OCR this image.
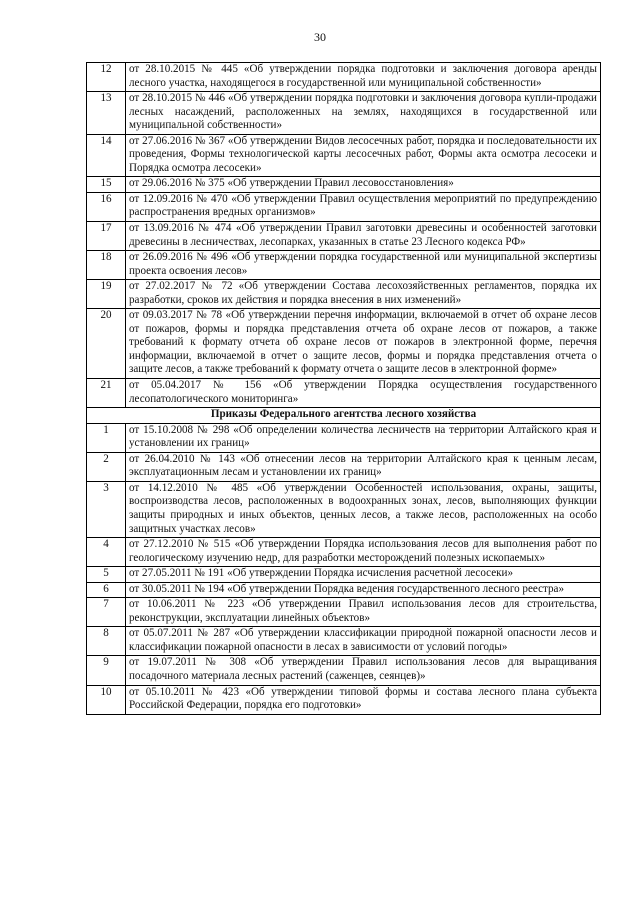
30
12	от 28.10.2015 № 445 «Об утверждении порядка подготовки и заключения договора аренды лесного участка, находящегося в государственной или муниципальной собственности»
13	от 28.10.2015 № 446 «Об утверждении порядка подготовки и заключения договора купли-продажи лесных насаждений, расположенных на землях, находящихся в государственной или муниципальной собственности»
14	от 27.06.2016 № 367 «Об утверждении Видов лесосечных работ, порядка и последовательности их проведения, Формы технологической карты лесосечных работ, Формы акта осмотра лесосеки и Порядка осмотра лесосеки»
15	от 29.06.2016 № 375 «Об утверждении Правил лесовосстановления»
16	от 12.09.2016 № 470 «Об утверждении Правил осуществления мероприятий по предупреждению распространения вредных организмов»
17	от 13.09.2016 № 474 «Об утверждении Правил заготовки древесины и особенностей заготовки древесины в лесничествах, лесопарках, указанных в статье 23 Лесного кодекса РФ»
18	от 26.09.2016 № 496 «Об утверждении порядка государственной или муниципальной экспертизы проекта освоения лесов»
19	от 27.02.2017 № 72 «Об утверждении Состава лесохозяйственных регламентов, порядка их разработки, сроков их действия и порядка внесения в них изменений»
20	от 09.03.2017 № 78 «Об утверждении перечня информации, включаемой в отчет об охране лесов от пожаров, формы и порядка представления отчета об охране лесов от пожаров, а также требований к формату отчета об охране лесов от пожаров в электронной форме, перечня информации, включаемой в отчет о защите лесов, формы и порядка представления отчета о защите лесов, а также требований к формату отчета о защите лесов в электронной форме»
21	от 05.04.2017 № 156 «Об утверждении Порядка осуществления государственного лесопатологического мониторинга»
Приказы Федерального агентства лесного хозяйства	
1	от 15.10.2008 № 298 «Об определении количества лесничеств на территории Алтайского края и установлении их границ»
2	от 26.04.2010 № 143 «Об отнесении лесов на территории Алтайского края к ценным лесам, эксплуатационным лесам и установлении их границ»
3	от 14.12.2010 № 485 «Об утверждении Особенностей использования, охраны, защиты, воспроизводства лесов, расположенных в водоохранных зонах, лесов, выполняющих функции защиты природных и иных объектов, ценных лесов, а также лесов, расположенных на особо защитных участках лесов»
4	от 27.12.2010 № 515 «Об утверждении Порядка использования лесов для выполнения работ по геологическому изучению недр, для разработки месторождений полезных ископаемых»
5	от 27.05.2011 № 191 «Об утверждении Порядка исчисления расчетной лесосеки»
6	от 30.05.2011 № 194 «Об утверждении Порядка ведения государственного лесного реестра»
7	от 10.06.2011 № 223 «Об утверждении Правил использования лесов для строительства, реконструкции, эксплуатации линейных объектов»
8	от 05.07.2011 № 287 «Об утверждении классификации природной пожарной опасности лесов и классификации пожарной опасности в лесах в зависимости от условий погоды»
9	от 19.07.2011 № 308 «Об утверждении Правил использования лесов для выращивания посадочного материала лесных растений (саженцев, сеянцев)»
10	от 05.10.2011 № 423 «Об утверждении типовой формы и состава лесного плана субъекта Российской Федерации, порядка его подготовки»
